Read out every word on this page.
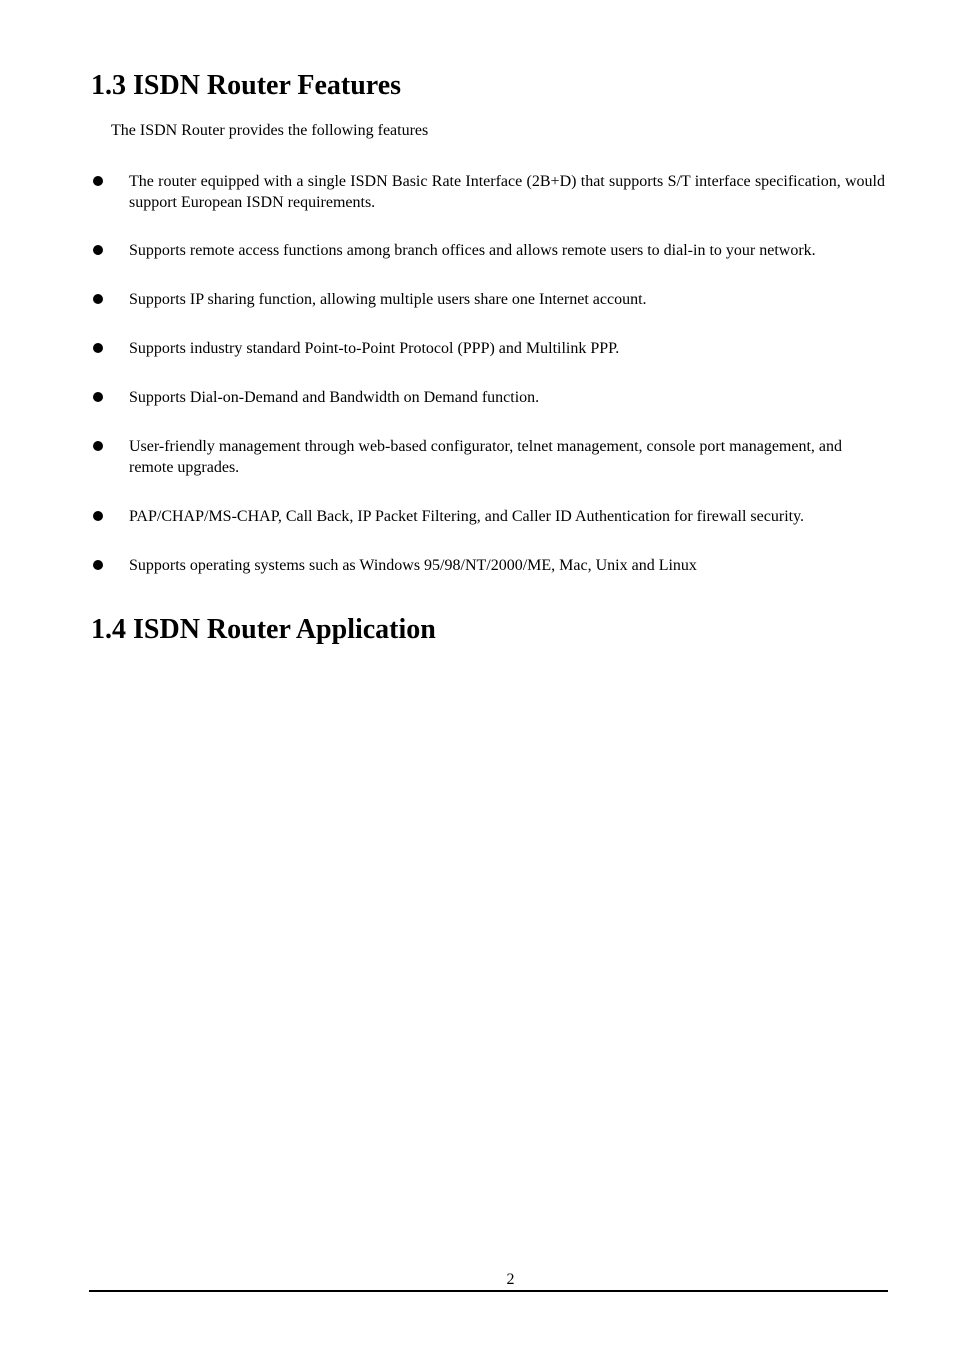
1.3 ISDN Router Features
The ISDN Router provides the following features
The router equipped with a single ISDN Basic Rate Interface (2B+D) that supports S/T interface specification, would support European ISDN requirements.
Supports remote access functions among branch offices and allows remote users to dial-in to your network.
Supports IP sharing function, allowing multiple users share one Internet account.
Supports industry standard Point-to-Point Protocol (PPP) and Multilink PPP.
Supports Dial-on-Demand and Bandwidth on Demand function.
User-friendly management through web-based configurator, telnet management, console port management, and remote upgrades.
PAP/CHAP/MS-CHAP, Call Back, IP Packet Filtering, and Caller ID Authentication for firewall security.
Supports operating systems such as Windows 95/98/NT/2000/ME, Mac, Unix and Linux
1.4 ISDN Router Application
2
